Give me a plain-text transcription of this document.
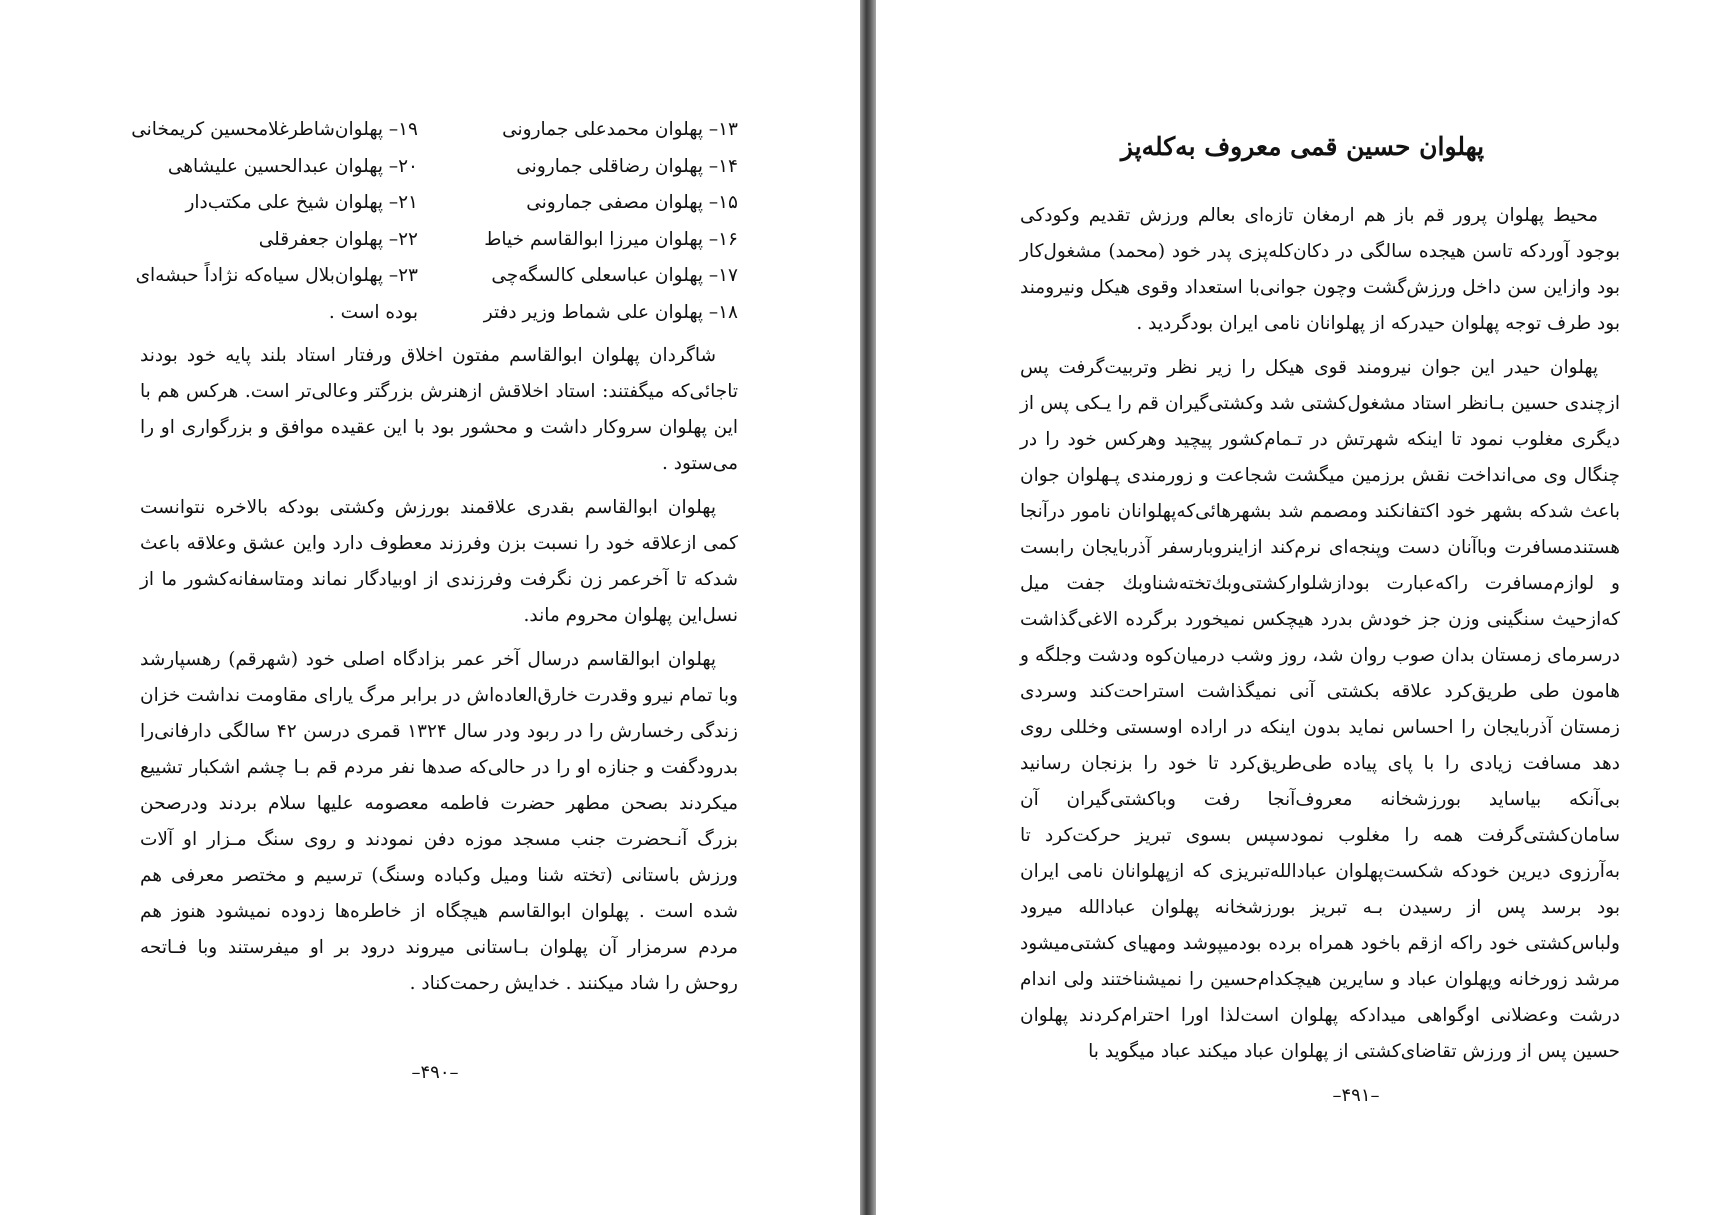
۱۳– پهلوان محمدعلی جمارونی
۱۴– پهلوان رضاقلی جمارونی
۱۵– پهلوان مصفی جمارونی
۱۶– پهلوان میرزا ابوالقاسم خیاط
۱۷– پهلوان عباسعلی کالسگه‌چی
۱۸– پهلوان علی شماط وزیر دفتر
۱۹– پهلوان‌شاطرغلامحسین کریمخانی
۲۰– پهلوان عبدالحسین علیشاهی
۲۱– پهلوان شیخ علی مکتب‌دار
۲۲– پهلوان جعفرقلی
۲۳– پهلوان‌بلال سیاه‌که نژاداً حبشه‌ای
بوده است .

شاگردان پهلوان ابوالقاسم مفتون اخلاق ورفتار استاد بلند پایه خود بودند تاجائی‌که میگفتند: استاد اخلاقش ازهنرش بزرگتر وعالی‌تر است. هرکس هم با این پهلوان سروکار داشت و محشور بود با این عقیده موافق و بزرگواری او را می‌ستود .

پهلوان ابوالقاسم بقدری علاقمند بورزش وکشتی بودکه بالاخره نتوانست کمی ازعلاقه خود را نسبت بزن وفرزند معطوف دارد واین عشق وعلاقه باعث شدکه تا آخرعمر زن نگرفت وفرزندی از اوبیادگار نماند ومتاسفانه‌کشور ما از نسل‌این پهلوان محروم ماند.

پهلوان ابوالقاسم درسال آخر عمر بزادگاه اصلی خود (شهرقم) رهسپارشد وبا تمام نیرو وقدرت خارق‌العاده‌اش در برابر مرگ یارای مقاومت نداشت خزان زندگی رخسارش را در ربود ودر سال ۱۳۲۴ قمری درسن ۴۲ سالگی دارفانی‌را بدرودگفت و جنازه او را در حالی‌که صدها نفر مردم قم بـا چشم اشکبار تشییع میکردند بصحن مطهر حضرت فاطمه معصومه علیها سلام بردند ودرصحن بزرگ آنـحضرت جنب مسجد موزه دفن نمودند و روی سنگ مـزار او آلات ورزش باستانی (تخته شنا ومیل وکباده وسنگ) ترسیم و مختصر معرفی هم شده است . پهلوان ابوالقاسم هیچگاه از خاطره‌ها زدوده نمیشود هنوز هم مردم سرمزار آن پهلوان بـاستانی میروند درود بر او میفرستند وبا فـاتحه روحش را شاد میکنند . خدایش رحمت‌کناد .

–۴۹۰–
پهلوان حسین قمی معروف به‌کله‌پز

محیط پهلوان پرور قم باز هم ارمغان تازه‌ای بعالم ورزش تقدیم وکودکی بوجود آوردکه تاسن هیجده سالگی در دکان‌کله‌پزی پدر خود (محمد) مشغول‌کار بود وازاین سن داخل ورزش‌گشت وچون جوانی‌با استعداد وقوی هیکل ونیرومند بود طرف توجه پهلوان حیدرکه از پهلوانان نامی ایران بودگردید .

پهلوان حیدر این جوان نیرومند قوی هیکل را زیر نظر وتربیت‌گرفت پس ازچندی حسین بـانظر استاد مشغول‌کشتی شد وکشتی‌گیران قم را یـکی پس از دیگری مغلوب نمود تا اینکه شهرتش در تـمام‌کشور پیچید وهرکس خود را در چنگال وی می‌انداخت نقش برزمین میگشت شجاعت و زورمندی پـهلوان جوان باعث شدکه بشهر خود اکتفانکند ومصمم شد بشهرهائی‌که‌پهلوانان نامور درآنجا هستندمسافرت وباآنان دست وپنجه‌ای نرم‌کند ازاینروبارسفر آذربایجان رابست و لوازم‌مسافرت راکه‌عبارت بودازشلوارکشتی‌وبك‌تخته‌شناوبك جفت میل که‌ازحیث سنگینی وزن جز خودش بدرد هیچکس نمیخورد برگرده الاغی‌گذاشت درسرمای زمستان بدان صوب روان شد، روز وشب درمیان‌کوه ودشت وجلگه و هامون طی طریق‌کرد علاقه بکشتی آنی نمیگذاشت استراحت‌کند وسردی زمستان آذربایجان را احساس نماید بدون اینکه در اراده اوسستی وخللی روی دهد مسافت زیادی را با پای پیاده طی‌طریق‌کرد تا خود را بزنجان رسانید بی‌آنکه بیاساید بورزشخانه معروف‌آنجا رفت وباکشتی‌گیران آن سامان‌کشتی‌گرفت همه را مغلوب نمودسپس بسوی تبریز حرکت‌کرد تا به‌آرزوی دیرین خودکه شکست‌پهلوان عبادالله‌تبریزی که ازپهلوانان نامی ایران بود برسد پس از رسیدن بـه تبریز بورزشخانه پهلوان عبادالله میرود ولباس‌کشتی خود راکه ازقم باخود همراه برده بودمیپوشد ومهیای کشتی‌میشود مرشد زورخانه وپهلوان عباد و سایرین هیچکدام‌حسین را نمیشناختند ولی اندام درشت وعضلانی اوگواهی میدادکه پهلوان است‌لذا اورا احترام‌کردند پهلوان حسین پس از ورزش تقاضای‌کشتی از پهلوان عباد میکند عباد میگوید با

–۴۹۱–
